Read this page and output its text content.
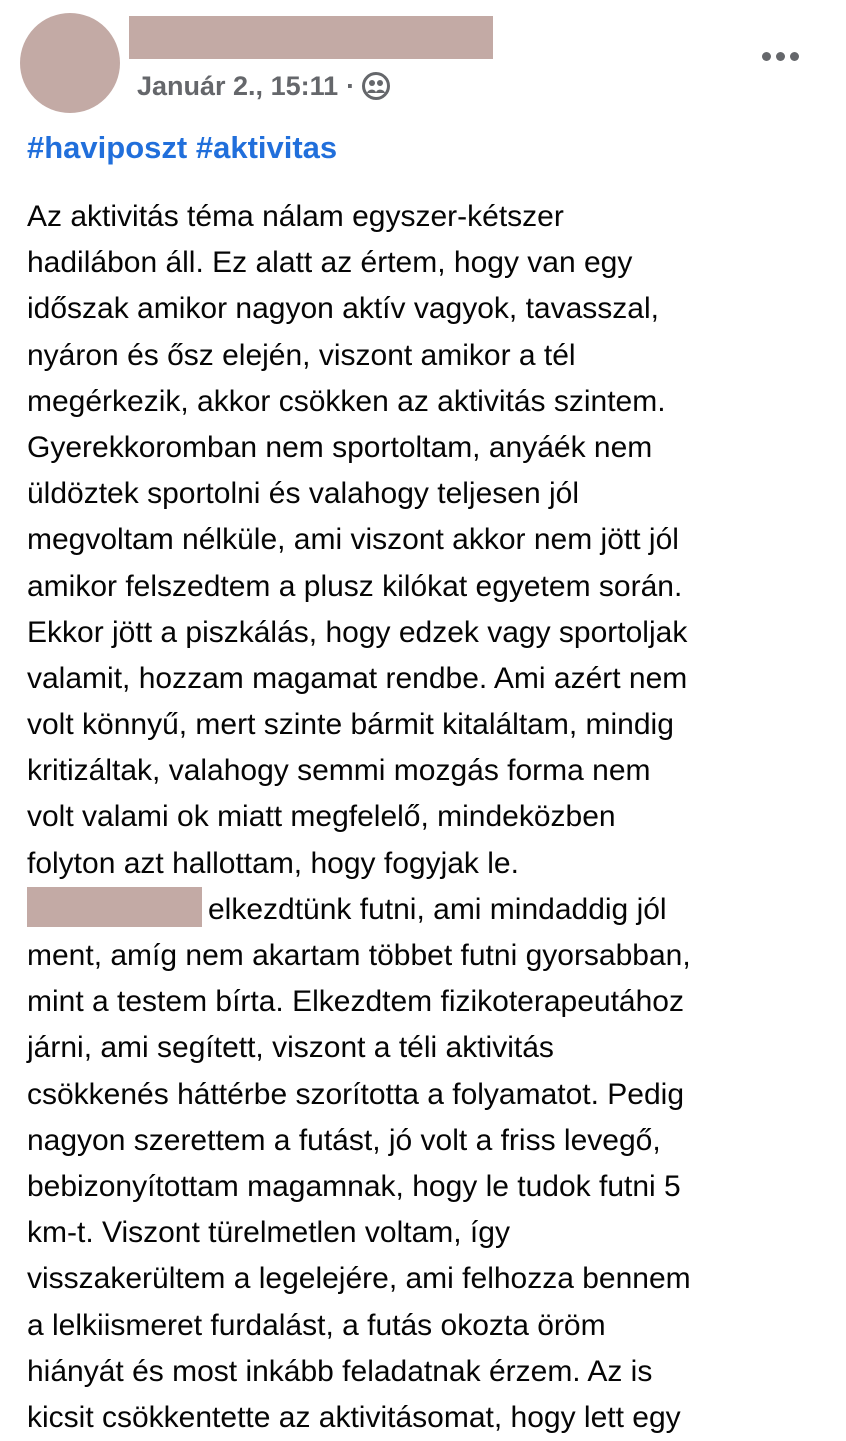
Január 2., 15:11 ·
#haviposzt #aktivitas
Az aktivitás téma nálam egyszer-kétszer
hadilábon áll. Ez alatt az értem, hogy van egy
időszak amikor nagyon aktív vagyok, tavasszal,
nyáron és ősz elején, viszont amikor a tél
megérkezik, akkor csökken az aktivitás szintem.
Gyerekkoromban nem sportoltam, anyáék nem
üldöztek sportolni és valahogy teljesen jól
megvoltam nélküle, ami viszont akkor nem jött jól
amikor felszedtem a plusz kilókat egyetem során.
Ekkor jött a piszkálás, hogy edzek vagy sportoljak
valamit, hozzam magamat rendbe. Ami azért nem
volt könnyű, mert szinte bármit kitaláltam, mindig
kritizáltak, valahogy semmi mozgás forma nem
volt valami ok miatt megfelelő, mindeközben
folyton azt hallottam, hogy fogyjak le.
elkezdtünk futni, ami mindaddig jól
ment, amíg nem akartam többet futni gyorsabban,
mint a testem bírta. Elkezdtem fizikoterapeutához
járni, ami segített, viszont a téli aktivitás
csökkenés háttérbe szorította a folyamatot. Pedig
nagyon szerettem a futást, jó volt a friss levegő,
bebizonyítottam magamnak, hogy le tudok futni 5
km-t. Viszont türelmetlen voltam, így
visszakerültem a legelejére, ami felhozza bennem
a lelkiismeret furdalást, a futás okozta öröm
hiányát és most inkább feladatnak érzem. Az is
kicsit csökkentette az aktivitásomat, hogy lett egy
